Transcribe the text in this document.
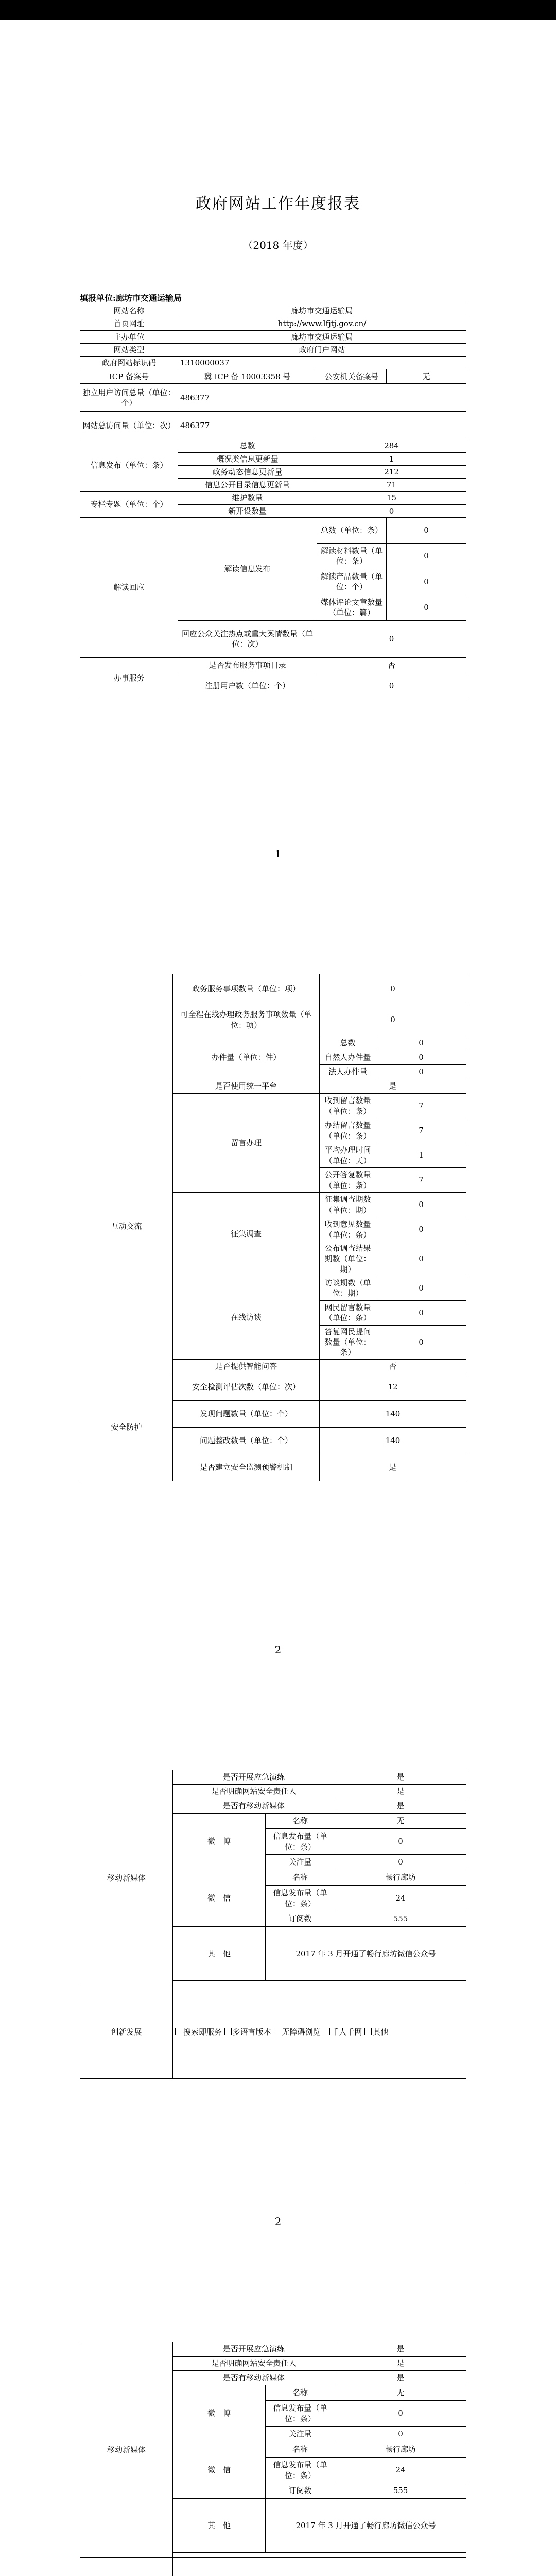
政府网站工作年度报表
（2018 年度）
填报单位:廊坊市交通运输局
网站名称	廊坊市交通运输局		
首页网址	http://www.lfjtj.gov.cn/		
主办单位	廊坊市交通运输局		
网站类型	政府门户网站		
政府网站标识码	1310000037		
ICP 备案号	冀 ICP 备 10003358 号	公安机关备案号	无
独立用户访问总量（单位：个）	486377		
网站总访问量（单位：次）	486377		
信息发布（单位：条）	总数	284	
	概况类信息更新量	1	
	政务动态信息更新量	212	
	信息公开目录信息更新量	71	
专栏专题（单位：个）	维护数量	15	
	新开设数量	0	
解读回应	解读信息发布	总数（单位：条）	0
		解读材料数量（单位：条）	0
		解读产品数量（单位：个）	0
		媒体评论文章数量（单位：篇）	0
	回应公众关注热点或重大舆情数量（单位：次）	0	
办事服务	是否发布服务事项目录	否	
	注册用户数（单位：个）	0	
1
	政务服务事项数量（单位：项）	0	
	可全程在线办理政务服务事项数量（单位：项）	0	
	办件量（单位：件）	总数	0
		自然人办件量	0
		法人办件量	0
互动交流	是否使用统一平台	是	
	留言办理	收到留言数量（单位：条）	7
		办结留言数量（单位：条）	7
		平均办理时间（单位：天）	1
		公开答复数量（单位：条）	7
	征集调查	征集调查期数（单位：期）	0
		收到意见数量（单位：条）	0
		公布调查结果期数（单位：期）	0
	在线访谈	访谈期数（单位：期）	0
		网民留言数量（单位：条）	0
		答复网民提问数量（单位：条）	0
	是否提供智能问答	否	
安全防护	安全检测评估次数（单位：次）	12	
	发现问题数量（单位：个）	140	
	问题整改数量（单位：个）	140	
	是否建立安全监测预警机制	是	
2
移动新媒体	是否开展应急演练		是
	是否明确网站安全责任人		是
	是否有移动新媒体		是
	微　博	名称	无
		信息发布量（单位：条）	0
		关注量	0
	微　信	名称	畅行廊坊
		信息发布量（单位：条）	24
		订阅数	555
	其　他	2017 年 3 月开通了畅行廊坊微信公众号	

创新发展	搜索即服务 多语言版本 无障碍浏览 千人千网 其他		
2
移动新媒体	是否开展应急演练		是
	是否明确网站安全责任人		是
	是否有移动新媒体		是
	微　博	名称	无
		信息发布量（单位：条）	0
		关注量	0
	微　信	名称	畅行廊坊
		信息发布量（单位：条）	24
		订阅数	555
	其　他	2017 年 3 月开通了畅行廊坊微信公众号	
